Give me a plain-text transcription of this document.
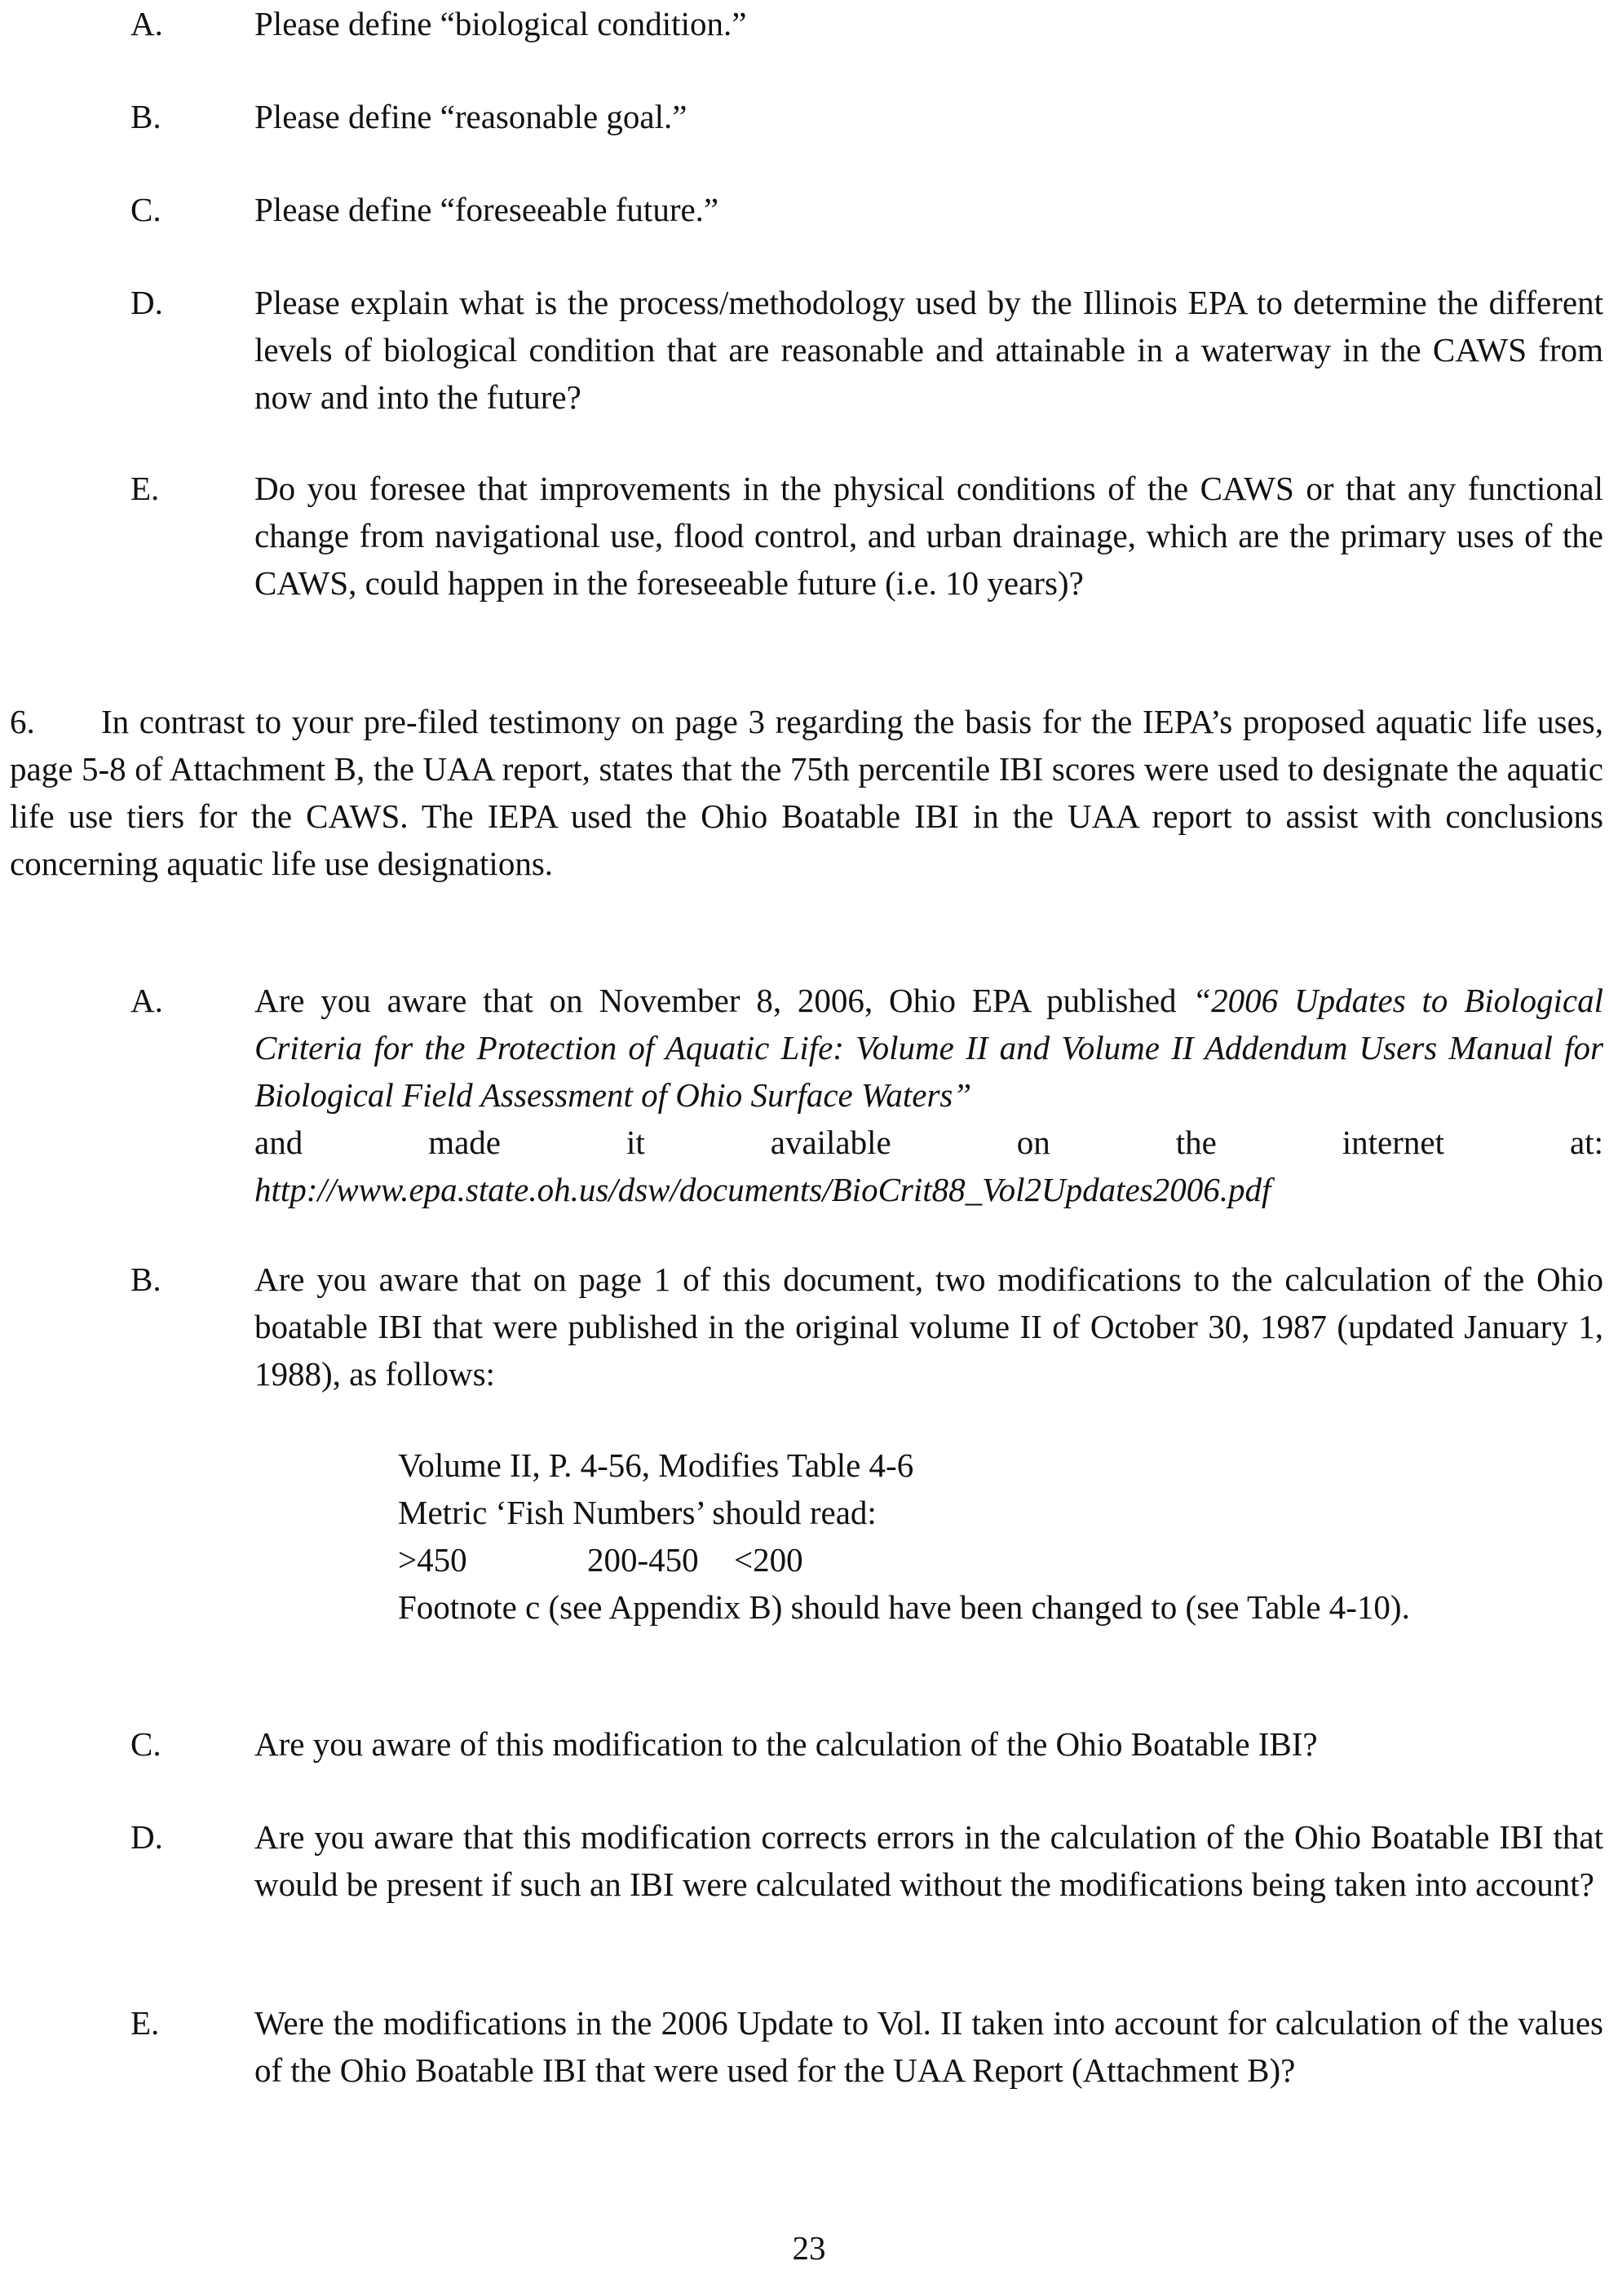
A.	Please define “biological condition.”
B.	Please define “reasonable goal.”
C.	Please define “foreseeable future.”
D.	Please explain what is the process/methodology used by the Illinois EPA to determine the different levels of biological condition that are reasonable and attainable in a waterway in the CAWS from now and into the future?
E.	Do you foresee that improvements in the physical conditions of the CAWS or that any functional change from navigational use, flood control, and urban drainage, which are the primary uses of the CAWS, could happen in the foreseeable future (i.e. 10 years)?
6. In contrast to your pre-filed testimony on page 3 regarding the basis for the IEPA’s proposed aquatic life uses, page 5-8 of Attachment B, the UAA report, states that the 75th percentile IBI scores were used to designate the aquatic life use tiers for the CAWS. The IEPA used the Ohio Boatable IBI in the UAA report to assist with conclusions concerning aquatic life use designations.
A.	Are you aware that on November 8, 2006, Ohio EPA published “2006 Updates to Biological Criteria for the Protection of Aquatic Life: Volume II and Volume II Addendum Users Manual for Biological Field Assessment of Ohio Surface Waters”
and	made	it	available	on	the	internet	at:
http://www.epa.state.oh.us/dsw/documents/BioCrit88_Vol2Updates2006.pdf
B.	Are you aware that on page 1 of this document, two modifications to the calculation of the Ohio boatable IBI that were published in the original volume II of October 30, 1987 (updated January 1, 1988), as follows:
Volume II, P. 4-56, Modifies Table 4-6
Metric ‘Fish Numbers’ should read:
>450	200-450 <200
Footnote c (see Appendix B) should have been changed to (see Table 4-10).
C.	Are you aware of this modification to the calculation of the Ohio Boatable IBI?
D.	Are you aware that this modification corrects errors in the calculation of the Ohio Boatable IBI that would be present if such an IBI were calculated without the modifications being taken into account?
E.	Were the modifications in the 2006 Update to Vol. II taken into account for calculation of the values of the Ohio Boatable IBI that were used for the UAA Report (Attachment B)?
23
